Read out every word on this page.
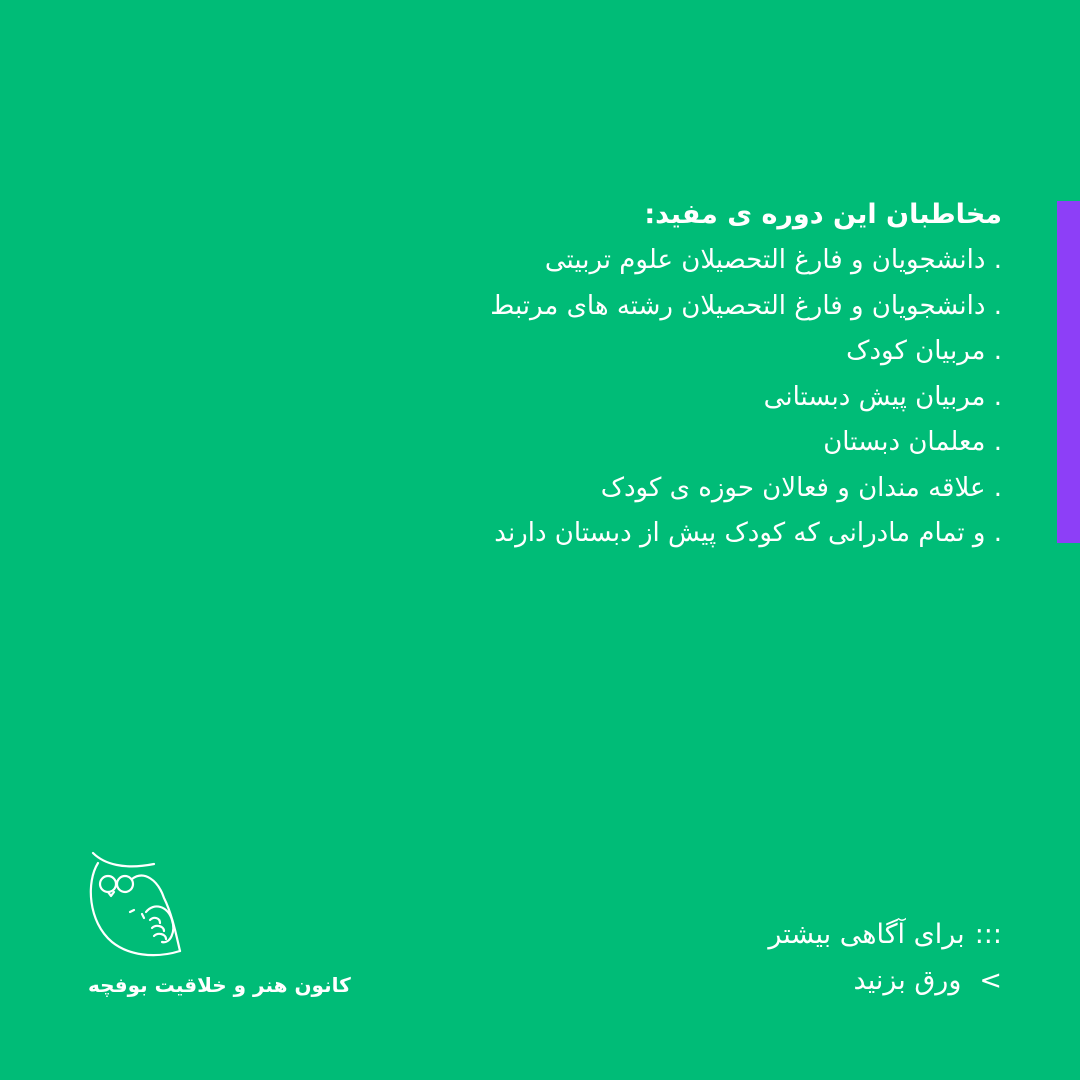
مخاطبان این دوره ی مفید:
. دانشجویان و فارغ التحصیلان علوم تربیتی
. دانشجویان و فارغ التحصیلان رشته های مرتبط
. مربیان کودک
. مربیان پیش دبستانی
. معلمان دبستان
. علاقه مندان و فعالان حوزه ی کودک
. و تمام مادرانی که کودک پیش از دبستان دارند
:::برای آگاهی بیشتر
>ورق بزنید
کانون هنر و خلاقیت بوفچه
